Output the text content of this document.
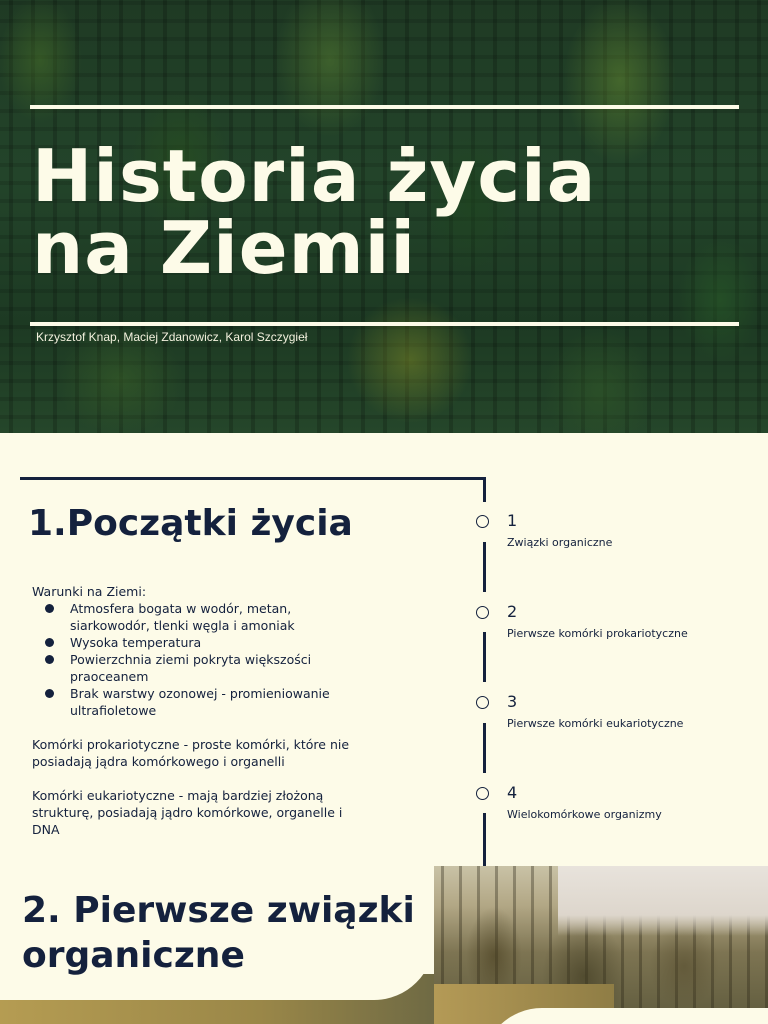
Historia życia
na Ziemii

Krzysztof Knap, Maciej Zdanowicz, Karol Szczygieł

1.Początki życia

Warunki na Ziemi:

Atmosfera bogata w wodór, metan, siarkowodór, tlenki węgla i amoniak
Wysoka temperatura
Powierzchnia ziemi pokryta większości praoceanem
Brak warstwy ozonowej - promieniowanie ultrafioletowe

Komórki prokariotyczne - proste komórki, które nie posiadają jądra komórkowego i organelli

Komórki eukariotyczne - mają bardziej złożoną strukturę, posiadają jądro komórkowe, organelle i DNA

1
Związki organiczne
2
Pierwsze komórki prokariotyczne
3
Pierwsze komórki eukariotyczne
4
Wielokomórkowe organizmy
2. Pierwsze związki organiczne
